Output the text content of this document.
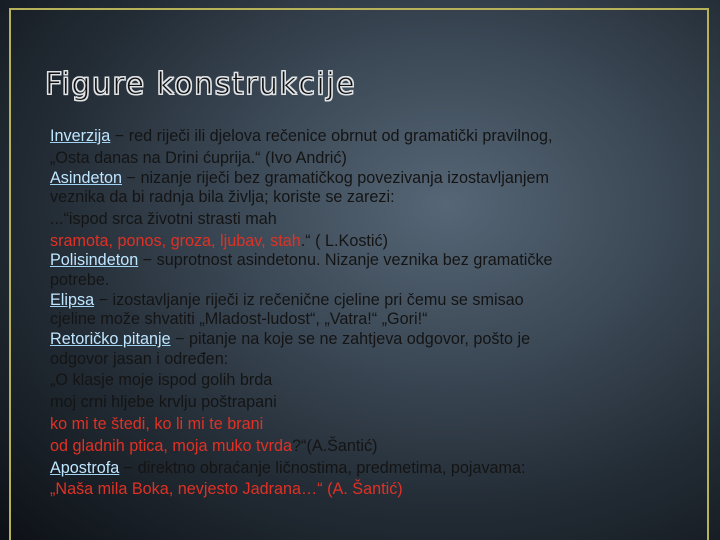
Figure konstrukcije
Inverzija − red riječi ili djelova rečenice obrnut od gramatički pravilnog,
„Osta danas na Drini ćuprija.“ (Ivo Andrić)
Asindeton − nizanje riječi bez gramatičkog povezivanja izostavljanjem
veznika da bi radnja bila življa; koriste se zarezi:
...“ispod srca životni strasti mah
sramota, ponos, groza, ljubav, stah.“ ( L.Kostić)
Polisindeton − suprotnost asindetonu. Nizanje veznika bez gramatičke
potrebe.
Elipsa − izostavljanje riječi iz rečenične cjeline pri čemu se smisao
cjeline može shvatiti „Mladost-ludost“, „Vatra!“ „Gori!“
Retoričko pitanje − pitanje na koje se ne zahtjeva odgovor, pošto je
odgovor jasan i određen:
„O klasje moje ispod golih brda
moj crni hljebe krvlju poštrapani
ko mi te štedi, ko li mi te brani
od gladnih ptica, moja muko tvrda?“(A.Šantić)
Apostrofa − direktno obraćanje ličnostima, predmetima, pojavama:
„Naša mila Boka, nevjesto Jadrana…“ (A. Šantić)
